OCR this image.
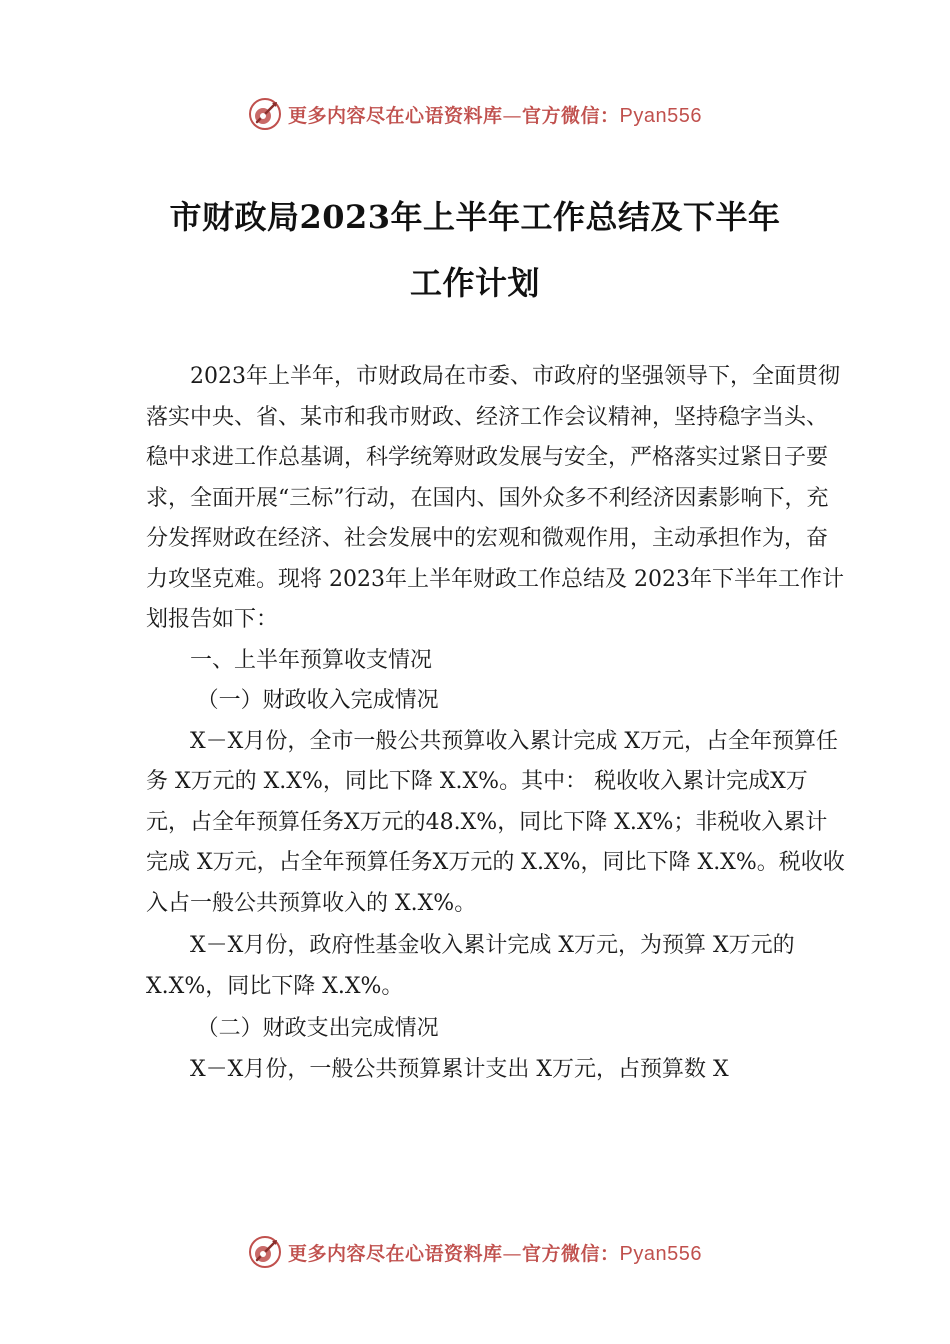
更多内容尽在心语资料库—官方微信：Pyan556
市财政局2023年上半年工作总结及下半年
工作计划

2023年上半年，市财政局在市委、市政府的坚强领导下，全面贯彻落实中央、省、某市和我市财政、经济工作会议精神，坚持稳字当头、稳中求进工作总基调，科学统筹财政发展与安全，严格落实过紧日子要求，全面开展“三标”行动，在国内、国外众多不利经济因素影响下，充分发挥财政在经济、社会发展中的宏观和微观作用，主动承担作为，奋力攻坚克难。现将 2023年上半年财政工作总结及 2023年下半年工作计划报告如下：

一、上半年预算收支情况

（一）财政收入完成情况

X－X月份，全市一般公共预算收入累计完成 X万元，占全年预算任务 X万元的 X.X%，同比下降 X.X%。其中： 税收收入累计完成X万元，占全年预算任务X万元的48.X%，同比下降 X.X%；非税收入累计完成 X万元，占全年预算任务X万元的 X.X%，同比下降 X.X%。税收收入占一般公共预算收入的 X.X%。

X－X月份，政府性基金收入累计完成 X万元，为预算 X万元的 X.X%，同比下降 X.X%。

（二）财政支出完成情况

X－X月份，一般公共预算累计支出 X万元，占预算数 X

更多内容尽在心语资料库—官方微信：Pyan556
